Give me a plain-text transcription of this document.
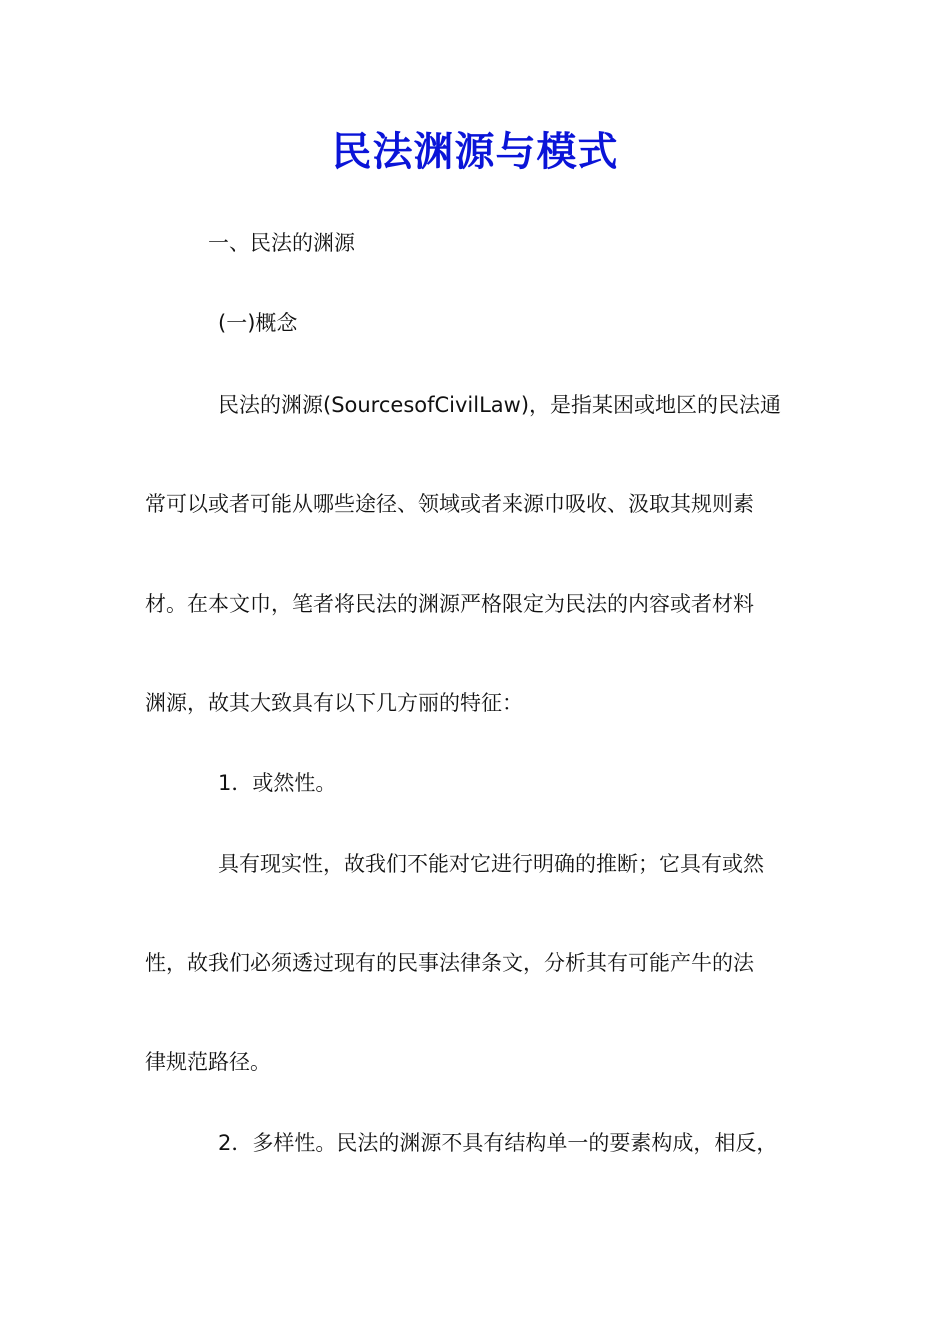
民法渊源与模式
一、民法的渊源
(一)概念
民法的渊源(SourcesofCivilLaw)，是指某困或地区的民法通
常可以或者可能从哪些途径、领域或者来源巾吸收、汲取其规则素
材。在本文巾，笔者将民法的渊源严格限定为民法的内容或者材料
渊源，故其大致具有以下几方丽的特征：
1．或然性。
具有现实性，故我们不能对它进行明确的推断；它具有或然
性，故我们必须透过现有的民事法律条文，分析其有可能产牛的法
律规范路径。
2．多样性。民法的渊源不具有结构单一的要素构成，相反，
